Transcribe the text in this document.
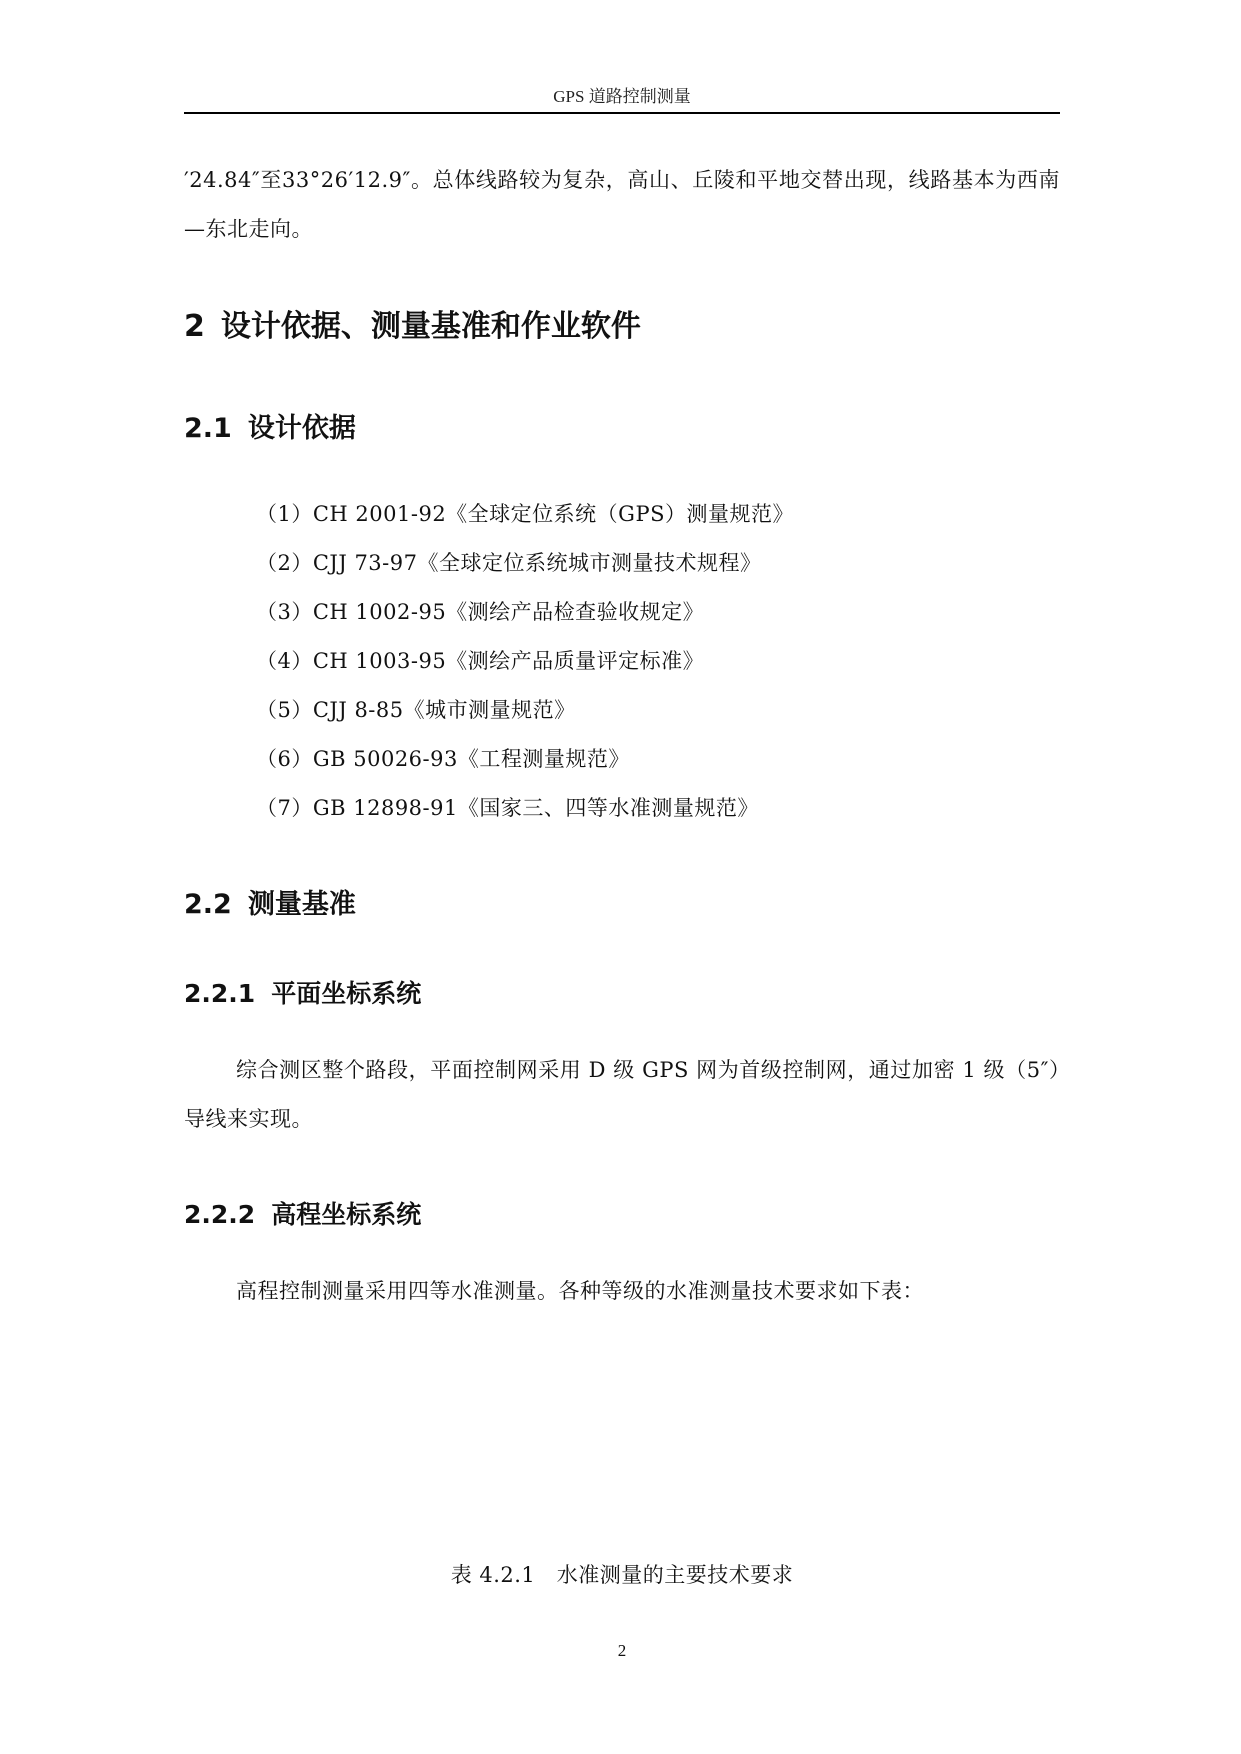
GPS 道路控制测量

′24.84″至33°26′12.9″。总体线路较为复杂，高山、丘陵和平地交替出现，线路基本为西南—东北走向。

2 设计依据、测量基准和作业软件
2.1 设计依据
（1）CH 2001-92《全球定位系统（GPS）测量规范》
（2）CJJ 73-97《全球定位系统城市测量技术规程》
（3）CH 1002-95《测绘产品检查验收规定》
（4）CH 1003-95《测绘产品质量评定标准》
（5）CJJ 8-85《城市测量规范》
（6）GB 50026-93《工程测量规范》
（7）GB 12898-91《国家三、四等水准测量规范》
2.2 测量基准
2.2.1 平面坐标系统

综合测区整个路段，平面控制网采用 D 级 GPS 网为首级控制网，通过加密 1 级（5″）导线来实现。

2.2.2 高程坐标系统

高程控制测量采用四等水准测量。各种等级的水准测量技术要求如下表：

表 4.2.1　水准测量的主要技术要求
2
